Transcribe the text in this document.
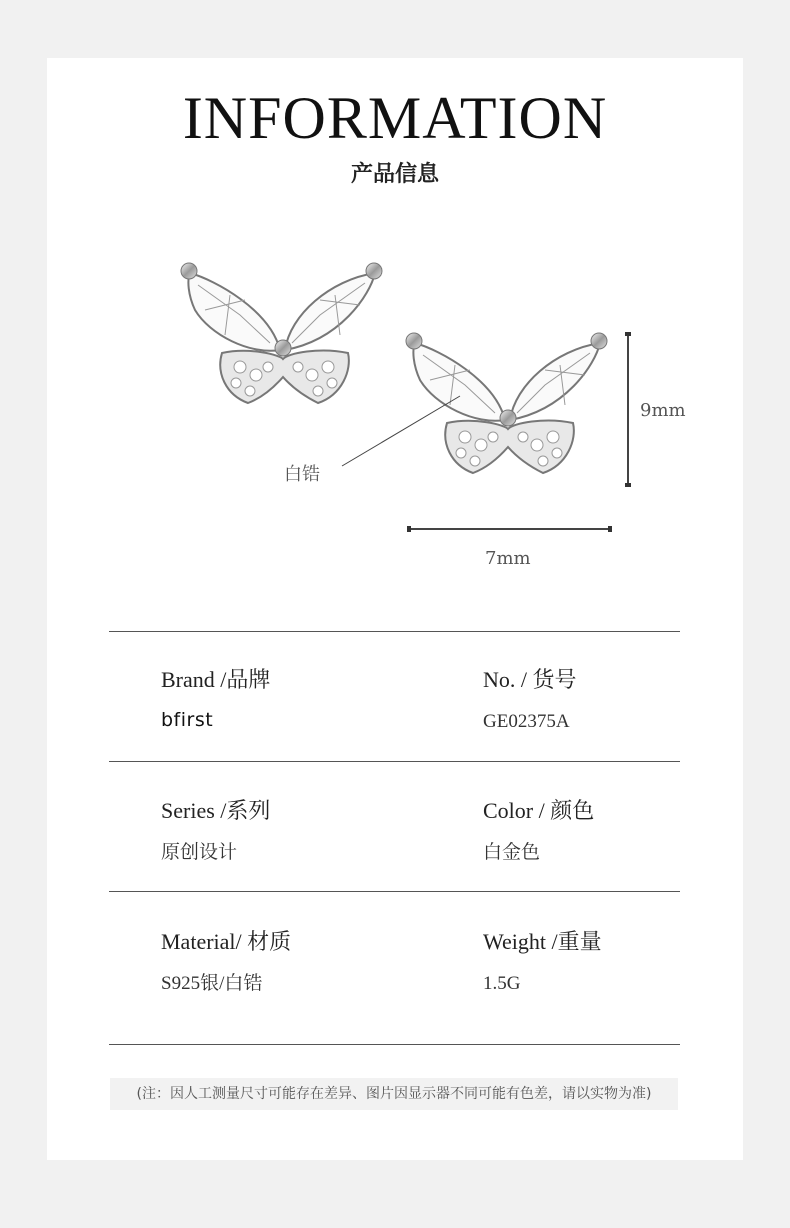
INFORMATION
产品信息
白锆
7mm
9mm
Brand /品牌
bfirst
No. / 货号
GE02375A
Series /系列
原创设计
Color / 颜色
白金色
Material/ 材质
S925银/白锆
Weight /重量
1.5G
(注：因人工测量尺寸可能存在差异、图片因显示器不同可能有色差，请以实物为准)
